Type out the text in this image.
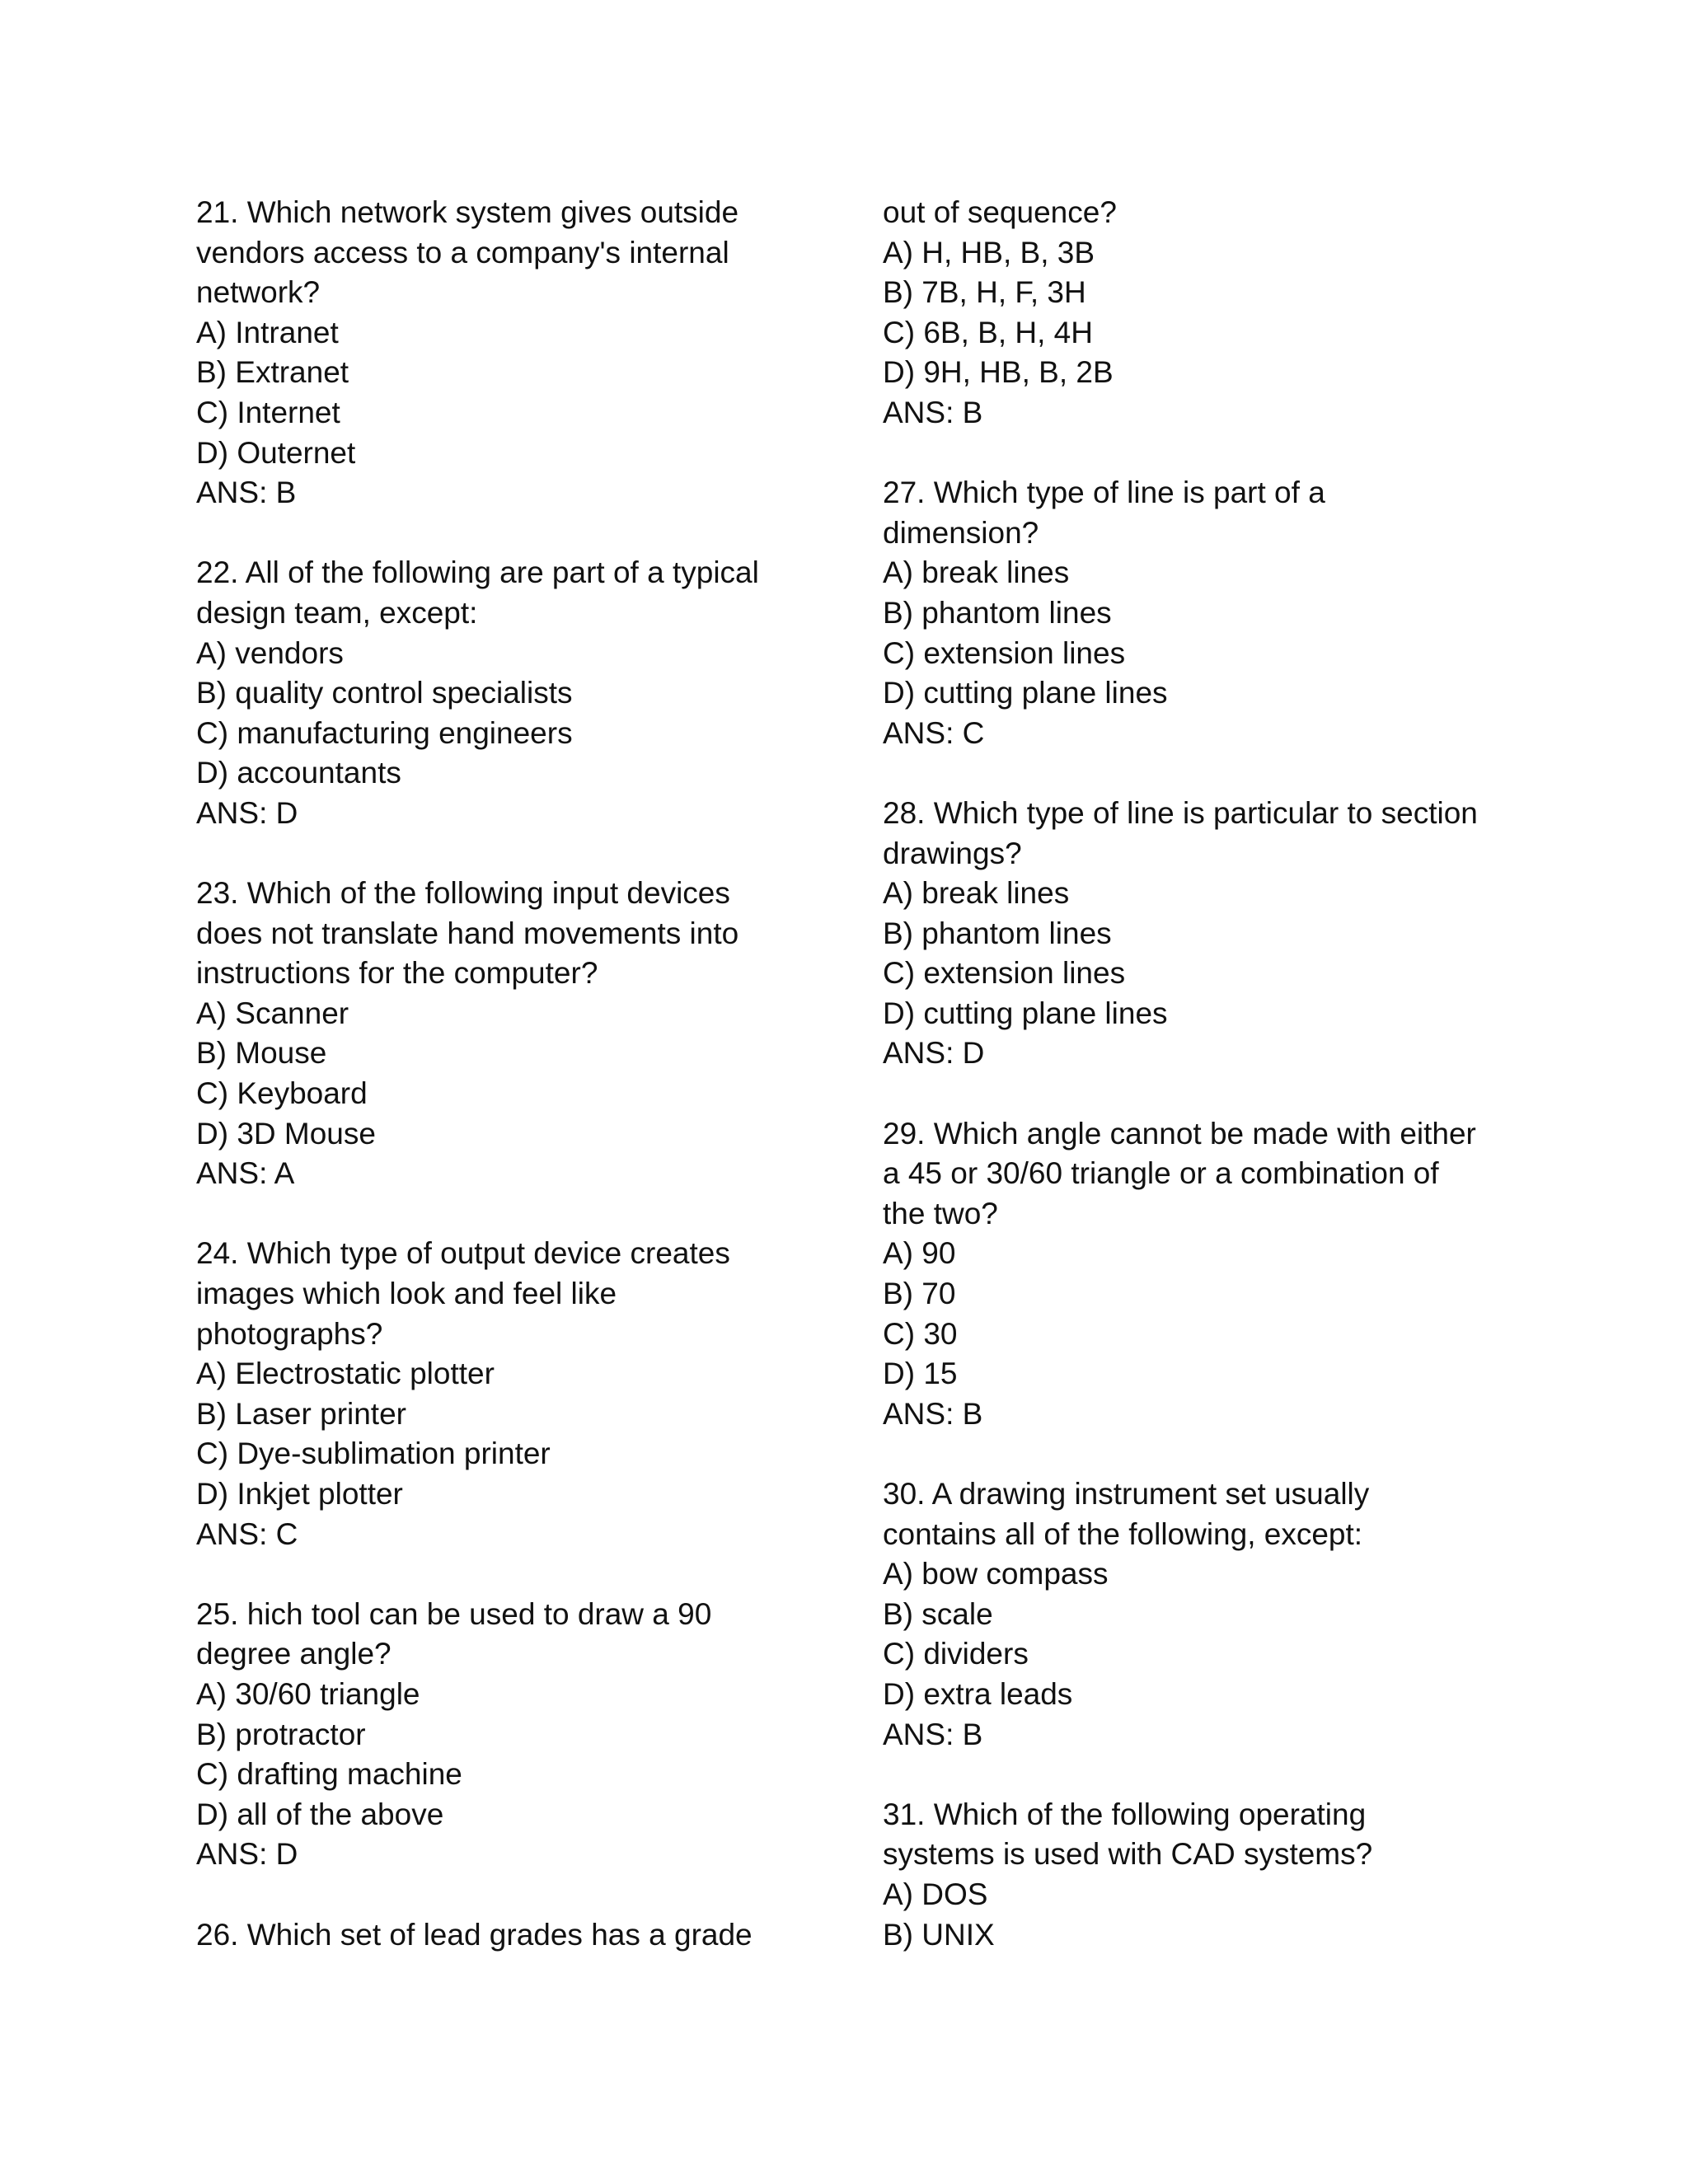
21. Which network system gives outside
vendors access to a company's internal
network?
A) Intranet
B) Extranet
C) Internet
D) Outernet
ANS: B
22. All of the following are part of a typical
design team, except:
A) vendors
B) quality control specialists
C) manufacturing engineers
D) accountants
ANS: D
23. Which of the following input devices
does not translate hand movements into
instructions for the computer?
A) Scanner
B) Mouse
C) Keyboard
D) 3D Mouse
ANS: A
24. Which type of output device creates
images which look and feel like
photographs?
A) Electrostatic plotter
B) Laser printer
C) Dye-sublimation printer
D) Inkjet plotter
ANS: C
25. hich tool can be used to draw a 90
degree angle?
A) 30/60 triangle
B) protractor
C) drafting machine
D) all of the above
ANS: D
26. Which set of lead grades has a grade
out of sequence?
A) H, HB, B, 3B
B) 7B, H, F, 3H
C) 6B, B, H, 4H
D) 9H, HB, B, 2B
ANS: B
27. Which type of line is part of a
dimension?
A) break lines
B) phantom lines
C) extension lines
D) cutting plane lines
ANS: C
28. Which type of line is particular to section
drawings?
A) break lines
B) phantom lines
C) extension lines
D) cutting plane lines
ANS: D
29. Which angle cannot be made with either
a 45 or 30/60 triangle or a combination of
the two?
A) 90
B) 70
C) 30
D) 15
ANS: B
30. A drawing instrument set usually
contains all of the following, except:
A) bow compass
B) scale
C) dividers
D) extra leads
ANS: B
31. Which of the following operating
systems is used with CAD systems?
A) DOS
B) UNIX
